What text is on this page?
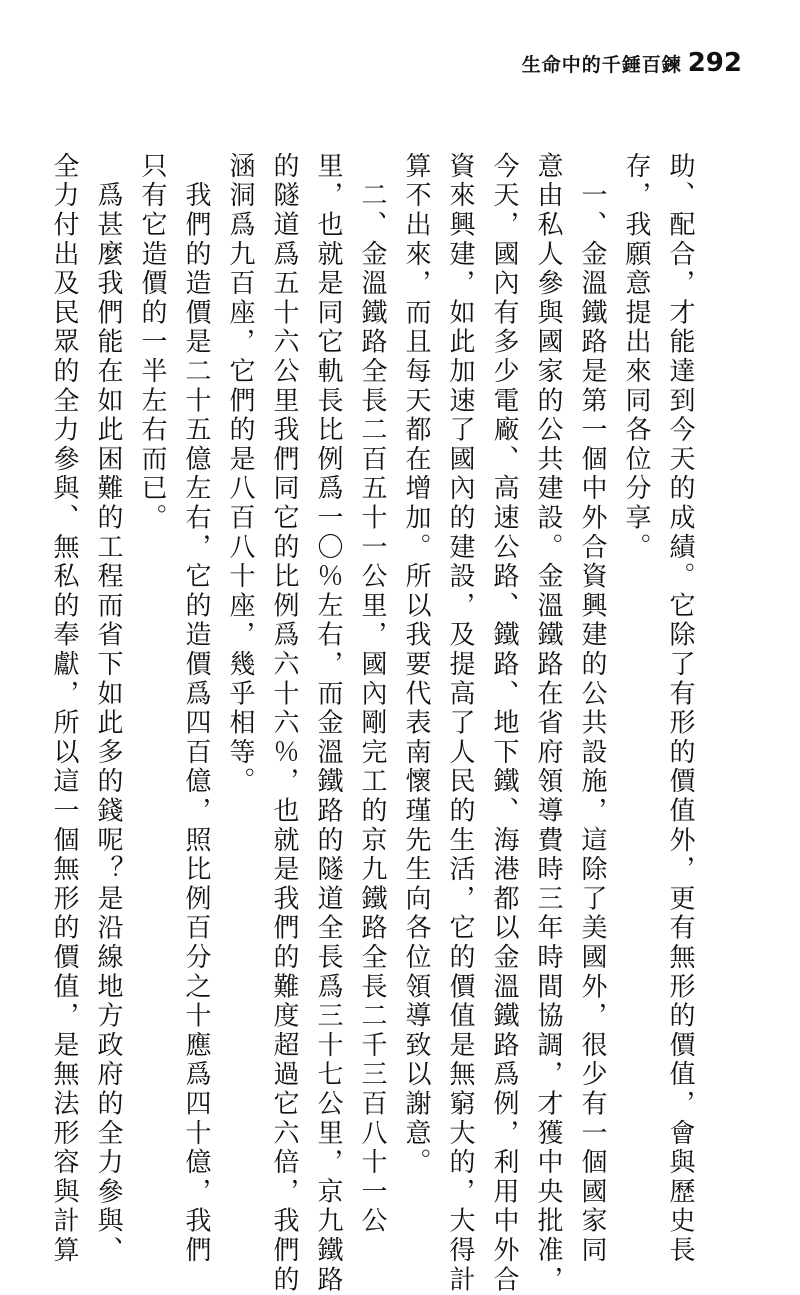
生命中的千錘百鍊 292
助、配合，才能達到今天的成績。它除了有形的價值外，更有無形的價值，會與歷史長
存，我願意提出來同各位分享。
　一、金溫鐵路是第一個中外合資興建的公共設施，這除了美國外，很少有一個國家同
意由私人參與國家的公共建設。金溫鐵路在省府領導費時三年時間協調，才獲中央批准，
今天，國內有多少電廠、高速公路、鐵路、地下鐵、海港都以金溫鐵路爲例，利用中外合
資來興建，如此加速了國內的建設，及提高了人民的生活，它的價值是無窮大的，大得計
算不出來，而且每天都在增加。所以我要代表南懷瑾先生向各位領導致以謝意。
　二、金溫鐵路全長二百五十一公里，國內剛完工的京九鐵路全長二千三百八十一公
里，也就是同它軌長比例爲一〇％左右，而金溫鐵路的隧道全長爲三十七公里，京九鐵路
的隧道爲五十六公里我們同它的比例爲六十六％，也就是我們的難度超過它六倍，我們的
涵洞爲九百座，它們的是八百八十座，幾乎相等。
　我們的造價是二十五億左右，它的造價爲四百億，照比例百分之十應爲四十億，我們
只有它造價的一半左右而已。
　爲甚麼我們能在如此困難的工程而省下如此多的錢呢？是沿線地方政府的全力參與、
全力付出及民眾的全力參與、無私的奉獻，所以這一個無形的價值，是無法形容與計算
